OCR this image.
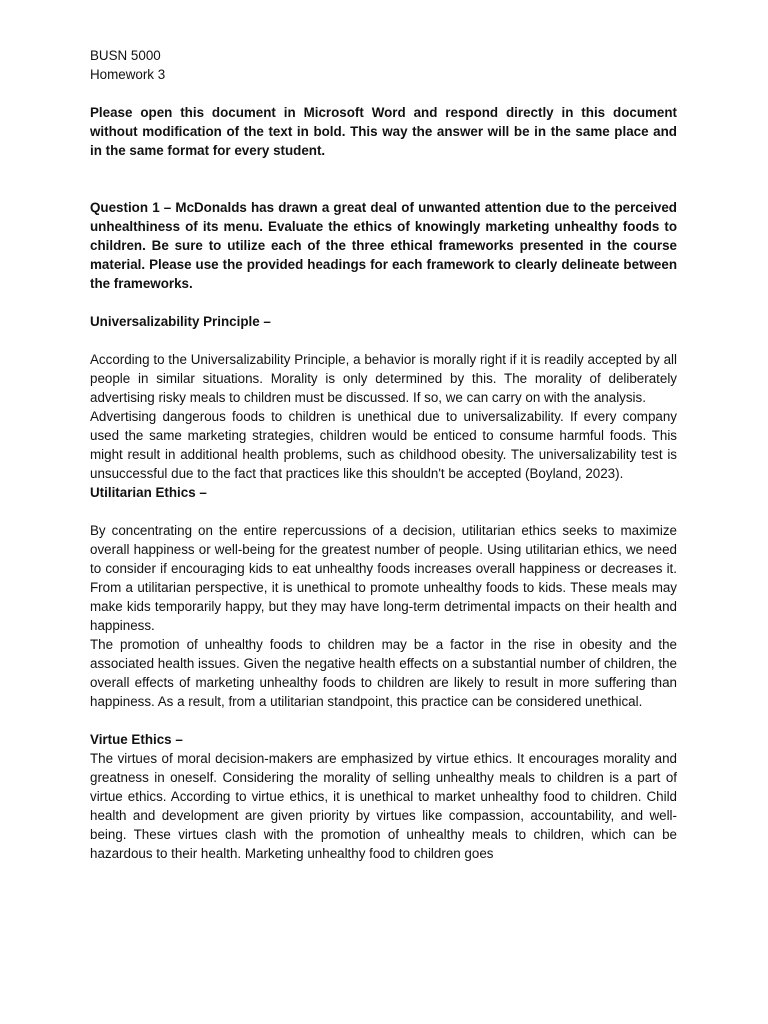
BUSN 5000

Homework 3

Please open this document in Microsoft Word and respond directly in this document without modification of the text in bold. This way the answer will be in the same place and in the same format for every student.

Question 1 – McDonalds has drawn a great deal of unwanted attention due to the perceived unhealthiness of its menu. Evaluate the ethics of knowingly marketing unhealthy foods to children. Be sure to utilize each of the three ethical frameworks presented in the course material. Please use the provided headings for each framework to clearly delineate between the frameworks.

Universalizability Principle –

According to the Universalizability Principle, a behavior is morally right if it is readily accepted by all people in similar situations. Morality is only determined by this. The morality of deliberately advertising risky meals to children must be discussed. If so, we can carry on with the analysis.

Advertising dangerous foods to children is unethical due to universalizability. If every company used the same marketing strategies, children would be enticed to consume harmful foods. This might result in additional health problems, such as childhood obesity. The universalizability test is unsuccessful due to the fact that practices like this shouldn't be accepted (Boyland, 2023).

Utilitarian Ethics –

By concentrating on the entire repercussions of a decision, utilitarian ethics seeks to maximize overall happiness or well-being for the greatest number of people. Using utilitarian ethics, we need to consider if encouraging kids to eat unhealthy foods increases overall happiness or decreases it. From a utilitarian perspective, it is unethical to promote unhealthy foods to kids. These meals may make kids temporarily happy, but they may have long-term detrimental impacts on their health and happiness.

The promotion of unhealthy foods to children may be a factor in the rise in obesity and the associated health issues. Given the negative health effects on a substantial number of children, the overall effects of marketing unhealthy foods to children are likely to result in more suffering than happiness. As a result, from a utilitarian standpoint, this practice can be considered unethical.

Virtue Ethics –

The virtues of moral decision-makers are emphasized by virtue ethics. It encourages morality and greatness in oneself. Considering the morality of selling unhealthy meals to children is a part of virtue ethics. According to virtue ethics, it is unethical to market unhealthy food to children. Child health and development are given priority by virtues like compassion, accountability, and well-being. These virtues clash with the promotion of unhealthy meals to children, which can be hazardous to their health. Marketing unhealthy food to children goes
